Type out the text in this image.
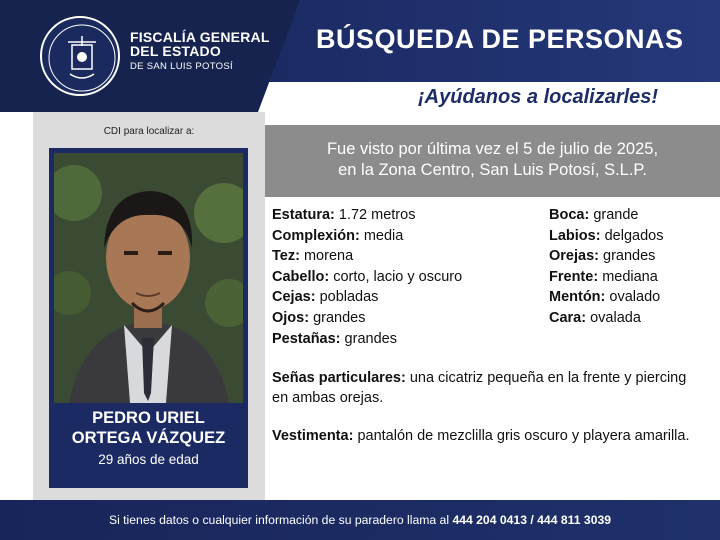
FISCALÍA GENERAL
DEL ESTADO
DE SAN LUIS POTOSÍ
BÚSQUEDA DE PERSONAS
¡Ayúdanos a localizarles!
CDI para localizar a:
PEDRO URIEL
ORTEGA VÁZQUEZ
29 años de edad
Fue visto por última vez el 5 de julio de 2025,
en la Zona Centro, San Luis Potosí, S.L.P.
Estatura: 1.72 metros
Complexión: media
Tez: morena
Cabello: corto, lacio y oscuro
Cejas: pobladas
Ojos: grandes
Pestañas: grandes
Boca: grande
Labios: delgados
Orejas: grandes
Frente: mediana
Mentón: ovalado
Cara: ovalada
Señas particulares: una cicatriz pequeña en la frente y piercing en ambas orejas.
Vestimenta: pantalón de mezclilla gris oscuro y playera amarilla.
Si tienes datos o cualquier información de su paradero llama al 444 204 0413 / 444 811 3039
